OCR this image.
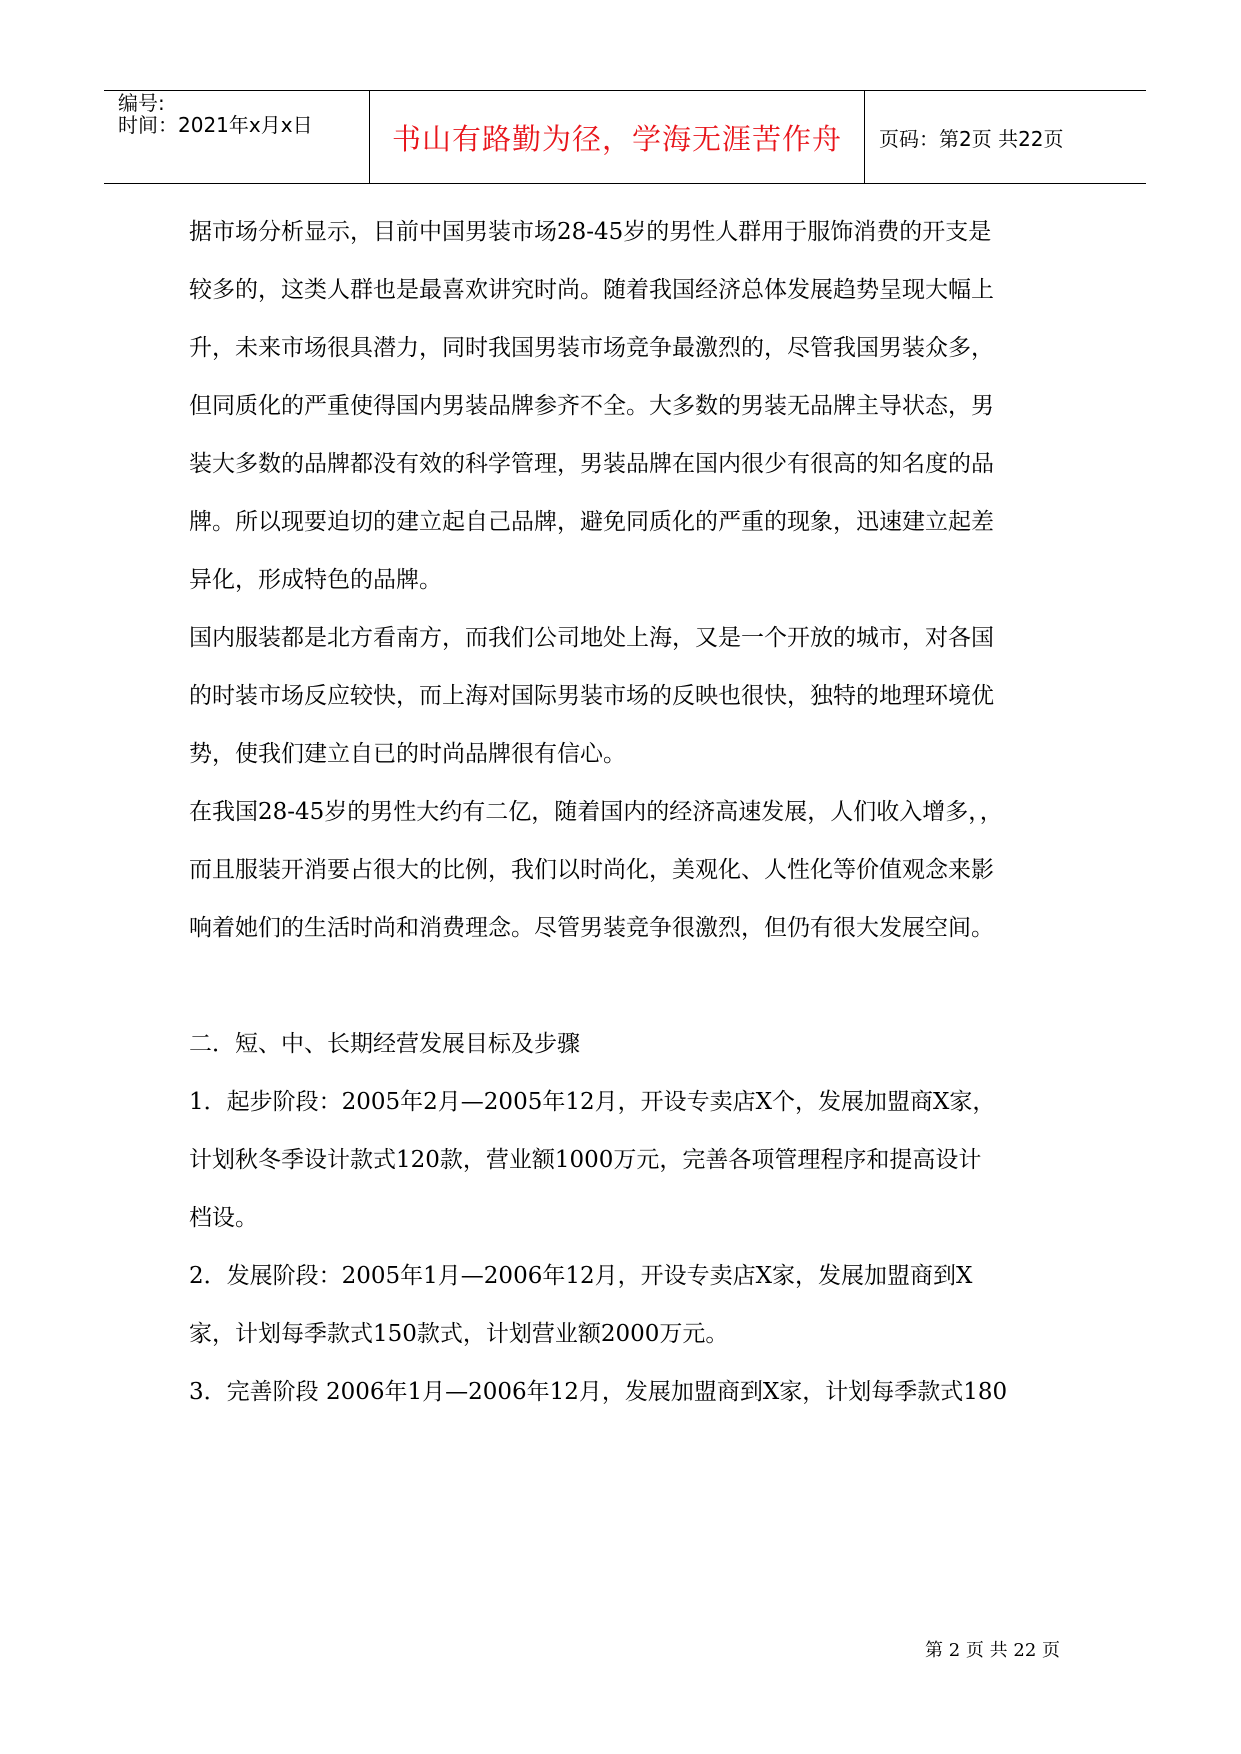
编号:
时间：2021年x月x日	书山有路勤为径，学海无涯苦作舟 页码：第2页 共22页
据市场分析显示，目前中国男装市场28-45岁的男性人群用于服饰消费的开支是
较多的，这类人群也是最喜欢讲究时尚。随着我国经济总体发展趋势呈现大幅上
升，未来市场很具潜力，同时我国男装市场竞争最激烈的，尽管我国男装众多，
但同质化的严重使得国内男装品牌参齐不全。大多数的男装无品牌主导状态，男
装大多数的品牌都没有效的科学管理，男装品牌在国内很少有很高的知名度的品
牌。所以现要迫切的建立起自己品牌，避免同质化的严重的现象，迅速建立起差
异化，形成特色的品牌。
国内服装都是北方看南方，而我们公司地处上海，又是一个开放的城市，对各国
的时装市场反应较快，而上海对国际男装市场的反映也很快，独特的地理环境优
势，使我们建立自已的时尚品牌很有信心。
在我国28-45岁的男性大约有二亿，随着国内的经济高速发展，人们收入增多，，
而且服装开消要占很大的比例，我们以时尚化，美观化、人性化等价值观念来影
响着她们的生活时尚和消费理念。尽管男装竞争很激烈，但仍有很大发展空间。
二．短、中、长期经营发展目标及步骤
1．起步阶段：2005年2月—2005年12月，开设专卖店X个，发展加盟商X家，
计划秋冬季设计款式120款，营业额1000万元，完善各项管理程序和提高设计
档设。
2．发展阶段：2005年1月—2006年12月，开设专卖店X家，发展加盟商到X
家，计划每季款式150款式，计划营业额2000万元。
3．完善阶段 2006年1月—2006年12月，发展加盟商到X家，计划每季款式180
第 2 页 共 22 页
